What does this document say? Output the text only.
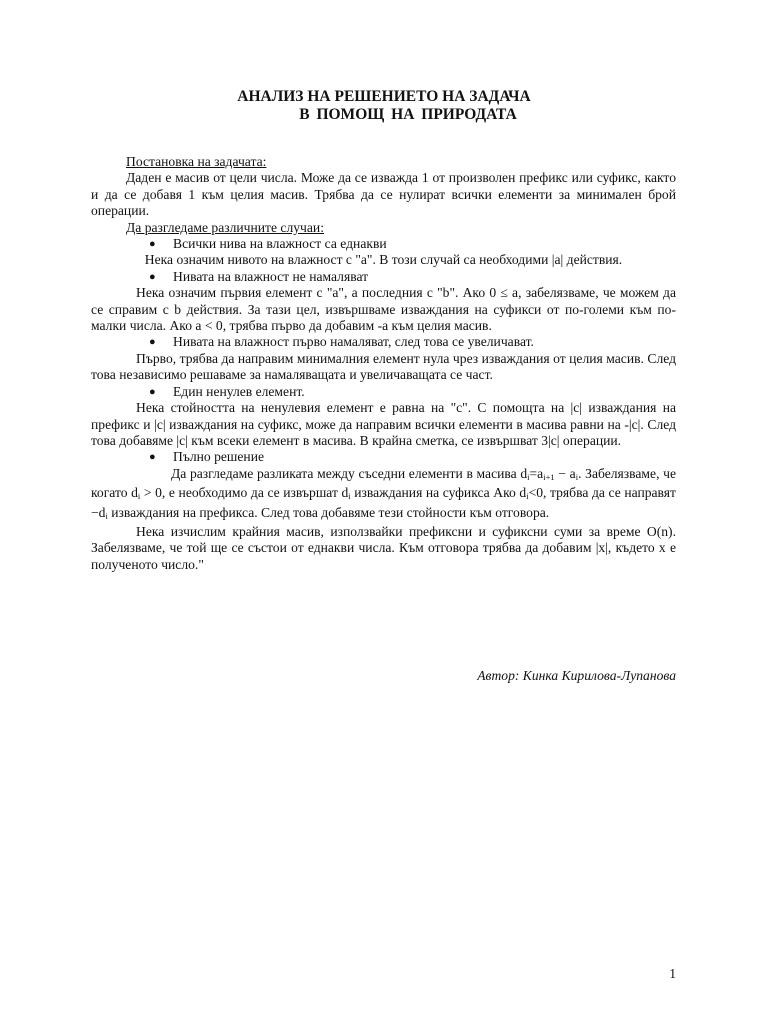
АНАЛИЗ НА РЕШЕНИЕТО НА ЗАДАЧА
В ПОМОЩ НА ПРИРОДАТА

Постановка на задачата:

Даден е масив от цели числа. Може да се изважда 1 от произволен префикс или суфикс, както и да се добавя 1 към целия масив. Трябва да се нулират всички елементи за минимален брой операции.

Да разгледаме различните случаи:

● Всички нива на влажност са еднакви

Нека означим нивото на влажност с "a". В този случай са необходими |a| действия.

● Нивата на влажност не намаляват

Нека означим първия елемент с "a", а последния с "b". Ако 0 ≤ a, забелязваме, че можем да се справим с b действия. За тази цел, извършваме изваждания на суфикси от по-големи към по-малки числа. Ако a < 0, трябва първо да добавим -a към целия масив.

● Нивата на влажност първо намаляват, след това се увеличават.

Първо, трябва да направим минималния елемент нула чрез изваждания от целия масив. След това независимо решаваме за намаляващата и увеличаващата се част.

● Един ненулев елемент.

Нека стойността на ненулевия елемент е равна на "c". С помощта на |c| изваждания на префикс и |c| изваждания на суфикс, може да направим всички елементи в масива равни на -|c|. След това добавяме |c| към всеки елемент в масива. В крайна сметка, се извършват 3|c| операции.

● Пълно решение

Да разгледаме разликата между съседни елементи в масива $d_i=a_{i+1} - a_i$. Забелязваме, че когато $d_i > 0$, е необходимо да се извършат $d_i$ изваждания на суфикса Ако $d_i<0$, трябва да се направят $-d_i$ изваждания на префикса. След това добавяме тези стойности към отговора.

Нека изчислим крайния масив, използвайки префиксни и суфиксни суми за време O(n). Забелязваме, че той ще се състои от еднакви числа. Към отговора трябва да добавим |x|, където x е полученото число."

Автор: Кинка Кирилова-Лупанова
1
